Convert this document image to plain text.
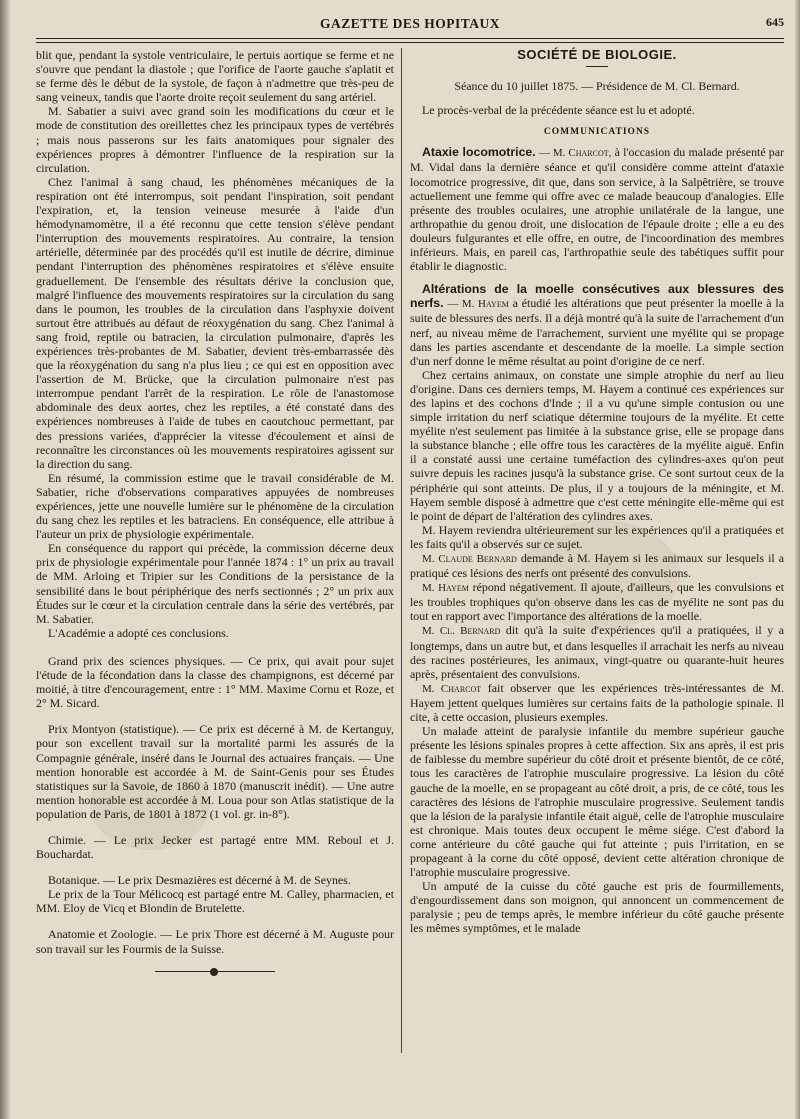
GAZETTE DES HOPITAUX	645

blit que, pendant la systole ventriculaire, le pertuis aortique se ferme et ne s'ouvre que pendant la diastole ; que l'orifice de l'aorte gauche s'aplatit et se ferme dès le début de la systole, de façon à n'admettre que très-peu de sang veineux, tandis que l'aorte droite reçoit seulement du sang artériel.

M. Sabatier a suivi avec grand soin les modifications du cœur et le mode de constitution des oreillettes chez les principaux types de vertébrés ; mais nous passerons sur les faits anatomiques pour signaler des expériences propres à démontrer l'influence de la respiration sur la circulation.

Chez l'animal à sang chaud, les phénomènes mécaniques de la respiration ont été interrompus, soit pendant l'inspiration, soit pendant l'expiration, et, la tension veineuse mesurée à l'aide d'un hémodynamomètre, il a été reconnu que cette tension s'élève pendant l'interruption des mouvements respiratoires. Au contraire, la tension artérielle, déterminée par des procédés qu'il est inutile de décrire, diminue pendant l'interruption des phénomènes respiratoires et s'élève ensuite graduellement. De l'ensemble des résultats dérive la conclusion que, malgré l'influence des mouvements respiratoires sur la circulation du sang dans le poumon, les troubles de la circulation dans l'asphyxie doivent surtout être attribués au défaut de réoxygénation du sang. Chez l'animal à sang froid, reptile ou batracien, la circulation pulmonaire, d'après les expériences très-probantes de M. Sabatier, devient très-embarrassée dès que la réoxygénation du sang n'a plus lieu ; ce qui est en opposition avec l'assertion de M. Brücke, que la circulation pulmonaire n'est pas interrompue pendant l'arrêt de la respiration. Le rôle de l'anastomose abdominale des deux aortes, chez les reptiles, a été constaté dans des expériences nombreuses à l'aide de tubes en caoutchouc permettant, par des pressions variées, d'apprécier la vitesse d'écoulement et ainsi de reconnaître les circonstances où les mouvements respiratoires agissent sur la direction du sang.

En résumé, la commission estime que le travail considérable de M. Sabatier, riche d'observations comparatives appuyées de nombreuses expériences, jette une nouvelle lumière sur le phénomène de la circulation du sang chez les reptiles et les batraciens. En conséquence, elle attribue à l'auteur un prix de physiologie expérimentale.

En conséquence du rapport qui précède, la commission décerne deux prix de physiologie expérimentale pour l'année 1874 : 1° un prix au travail de MM. Arloing et Tripier sur les Conditions de la persistance de la sensibilité dans le bout périphérique des nerfs sectionnés ; 2° un prix aux Études sur le cœur et la circulation centrale dans la série des vertébrés, par M. Sabatier.

L'Académie a adopté ces conclusions.

Grand prix des sciences physiques. — Ce prix, qui avait pour sujet l'étude de la fécondation dans la classe des champignons, est décerné par moitié, à titre d'encouragement, entre : 1° MM. Maxime Cornu et Roze, et 2° M. Sicard.

Prix Montyon (statistique). — Ce prix est décerné à M. de Kertanguy, pour son excellent travail sur la mortalité parmi les assurés de la Compagnie générale, inséré dans le Journal des actuaires français. — Une mention honorable est accordée à M. de Saint-Genis pour ses Études statistiques sur la Savoie, de 1860 à 1870 (manuscrit inédit). — Une autre mention honorable est accordée à M. Loua pour son Atlas statistique de la population de Paris, de 1801 à 1872 (1 vol. gr. in-8°).

Chimie. — Le prix Jecker est partagé entre MM. Reboul et J. Bouchardat.

Botanique. — Le prix Desmazières est décerné à M. de Seynes.

Le prix de la Tour Mélicocq est partagé entre M. Calley, pharmacien, et MM. Eloy de Vicq et Blondin de Brutelette.

Anatomie et Zoologie. — Le prix Thore est décerné à M. Auguste pour son travail sur les Fourmis de la Suisse.

SOCIÉTÉ DE BIOLOGIE.

Séance du 10 juillet 1875. — Présidence de M. Cl. Bernard.

Le procès-verbal de la précédente séance est lu et adopté.

COMMUNICATIONS

Ataxie locomotrice. — M. Charcot, à l'occasion du malade présenté par M. Vidal dans la dernière séance et qu'il considère comme atteint d'ataxie locomotrice progressive, dit que, dans son service, à la Salpêtrière, se trouve actuellement une femme qui offre avec ce malade beaucoup d'analogies. Elle présente des troubles oculaires, une atrophie unilatérale de la langue, une arthropathie du genou droit, une dislocation de l'épaule droite ; elle a eu des douleurs fulgurantes et elle offre, en outre, de l'incoordination des membres inférieurs. Mais, en pareil cas, l'arthropathie seule des tabétiques suffit pour établir le diagnostic.

Altérations de la moelle consécutives aux blessures des nerfs. — M. Hayem a étudié les altérations que peut présenter la moelle à la suite de blessures des nerfs. Il a déjà montré qu'à la suite de l'arrachement d'un nerf, au niveau même de l'arrachement, survient une myélite qui se propage dans les parties ascendante et descendante de la moelle. La simple section d'un nerf donne le même résultat au point d'origine de ce nerf.

Chez certains animaux, on constate une simple atrophie du nerf au lieu d'origine. Dans ces derniers temps, M. Hayem a continué ces expériences sur des lapins et des cochons d'Inde ; il a vu qu'une simple contusion ou une simple irritation du nerf sciatique détermine toujours de la myélite. Et cette myélite n'est seulement pas limitée à la substance grise, elle se propage dans la substance blanche ; elle offre tous les caractères de la myélite aiguë. Enfin il a constaté aussi une certaine tuméfaction des cylindres-axes qu'on peut suivre depuis les racines jusqu'à la substance grise. Ce sont surtout ceux de la périphérie qui sont atteints. De plus, il y a toujours de la méningite, et M. Hayem semble disposé à admettre que c'est cette méningite elle-même qui est le point de départ de l'altération des cylindres axes.

M. Hayem reviendra ultérieurement sur les expériences qu'il a pratiquées et les faits qu'il a observés sur ce sujet.

M. Claude Bernard demande à M. Hayem si les animaux sur lesquels il a pratiqué ces lésions des nerfs ont présenté des convulsions.

M. Hayem répond négativement. Il ajoute, d'ailleurs, que les convulsions et les troubles trophiques qu'on observe dans les cas de myélite ne sont pas du tout en rapport avec l'importance des altérations de la moelle.

M. Cl. Bernard dit qu'à la suite d'expériences qu'il a pratiquées, il y a longtemps, dans un autre but, et dans lesquelles il arrachait les nerfs au niveau des racines postérieures, les animaux, vingt-quatre ou quarante-huit heures après, présentaient des convulsions.

M. Charcot fait observer que les expériences très-intéressantes de M. Hayem jettent quelques lumières sur certains faits de la pathologie spinale. Il cite, à cette occasion, plusieurs exemples.

Un malade atteint de paralysie infantile du membre supérieur gauche présente les lésions spinales propres à cette affection. Six ans après, il est pris de faiblesse du membre supérieur du côté droit et présente bientôt, de ce côté, tous les caractères de l'atrophie musculaire progressive. La lésion du côté gauche de la moelle, en se propageant au côté droit, a pris, de ce côté, tous les caractères des lésions de l'atrophie musculaire progressive. Seulement tandis que la lésion de la paralysie infantile était aiguë, celle de l'atrophie musculaire est chronique. Mais toutes deux occupent le même siége. C'est d'abord la corne antérieure du côté gauche qui fut atteinte ; puis l'irritation, en se propageant à la corne du côté opposé, devient cette altération chronique de l'atrophie musculaire progressive.

Un amputé de la cuisse du côté gauche est pris de fourmillements, d'engourdissement dans son moignon, qui annoncent un commencement de paralysie ; peu de temps après, le membre inférieur du côté gauche présente les mêmes symptômes, et le malade
